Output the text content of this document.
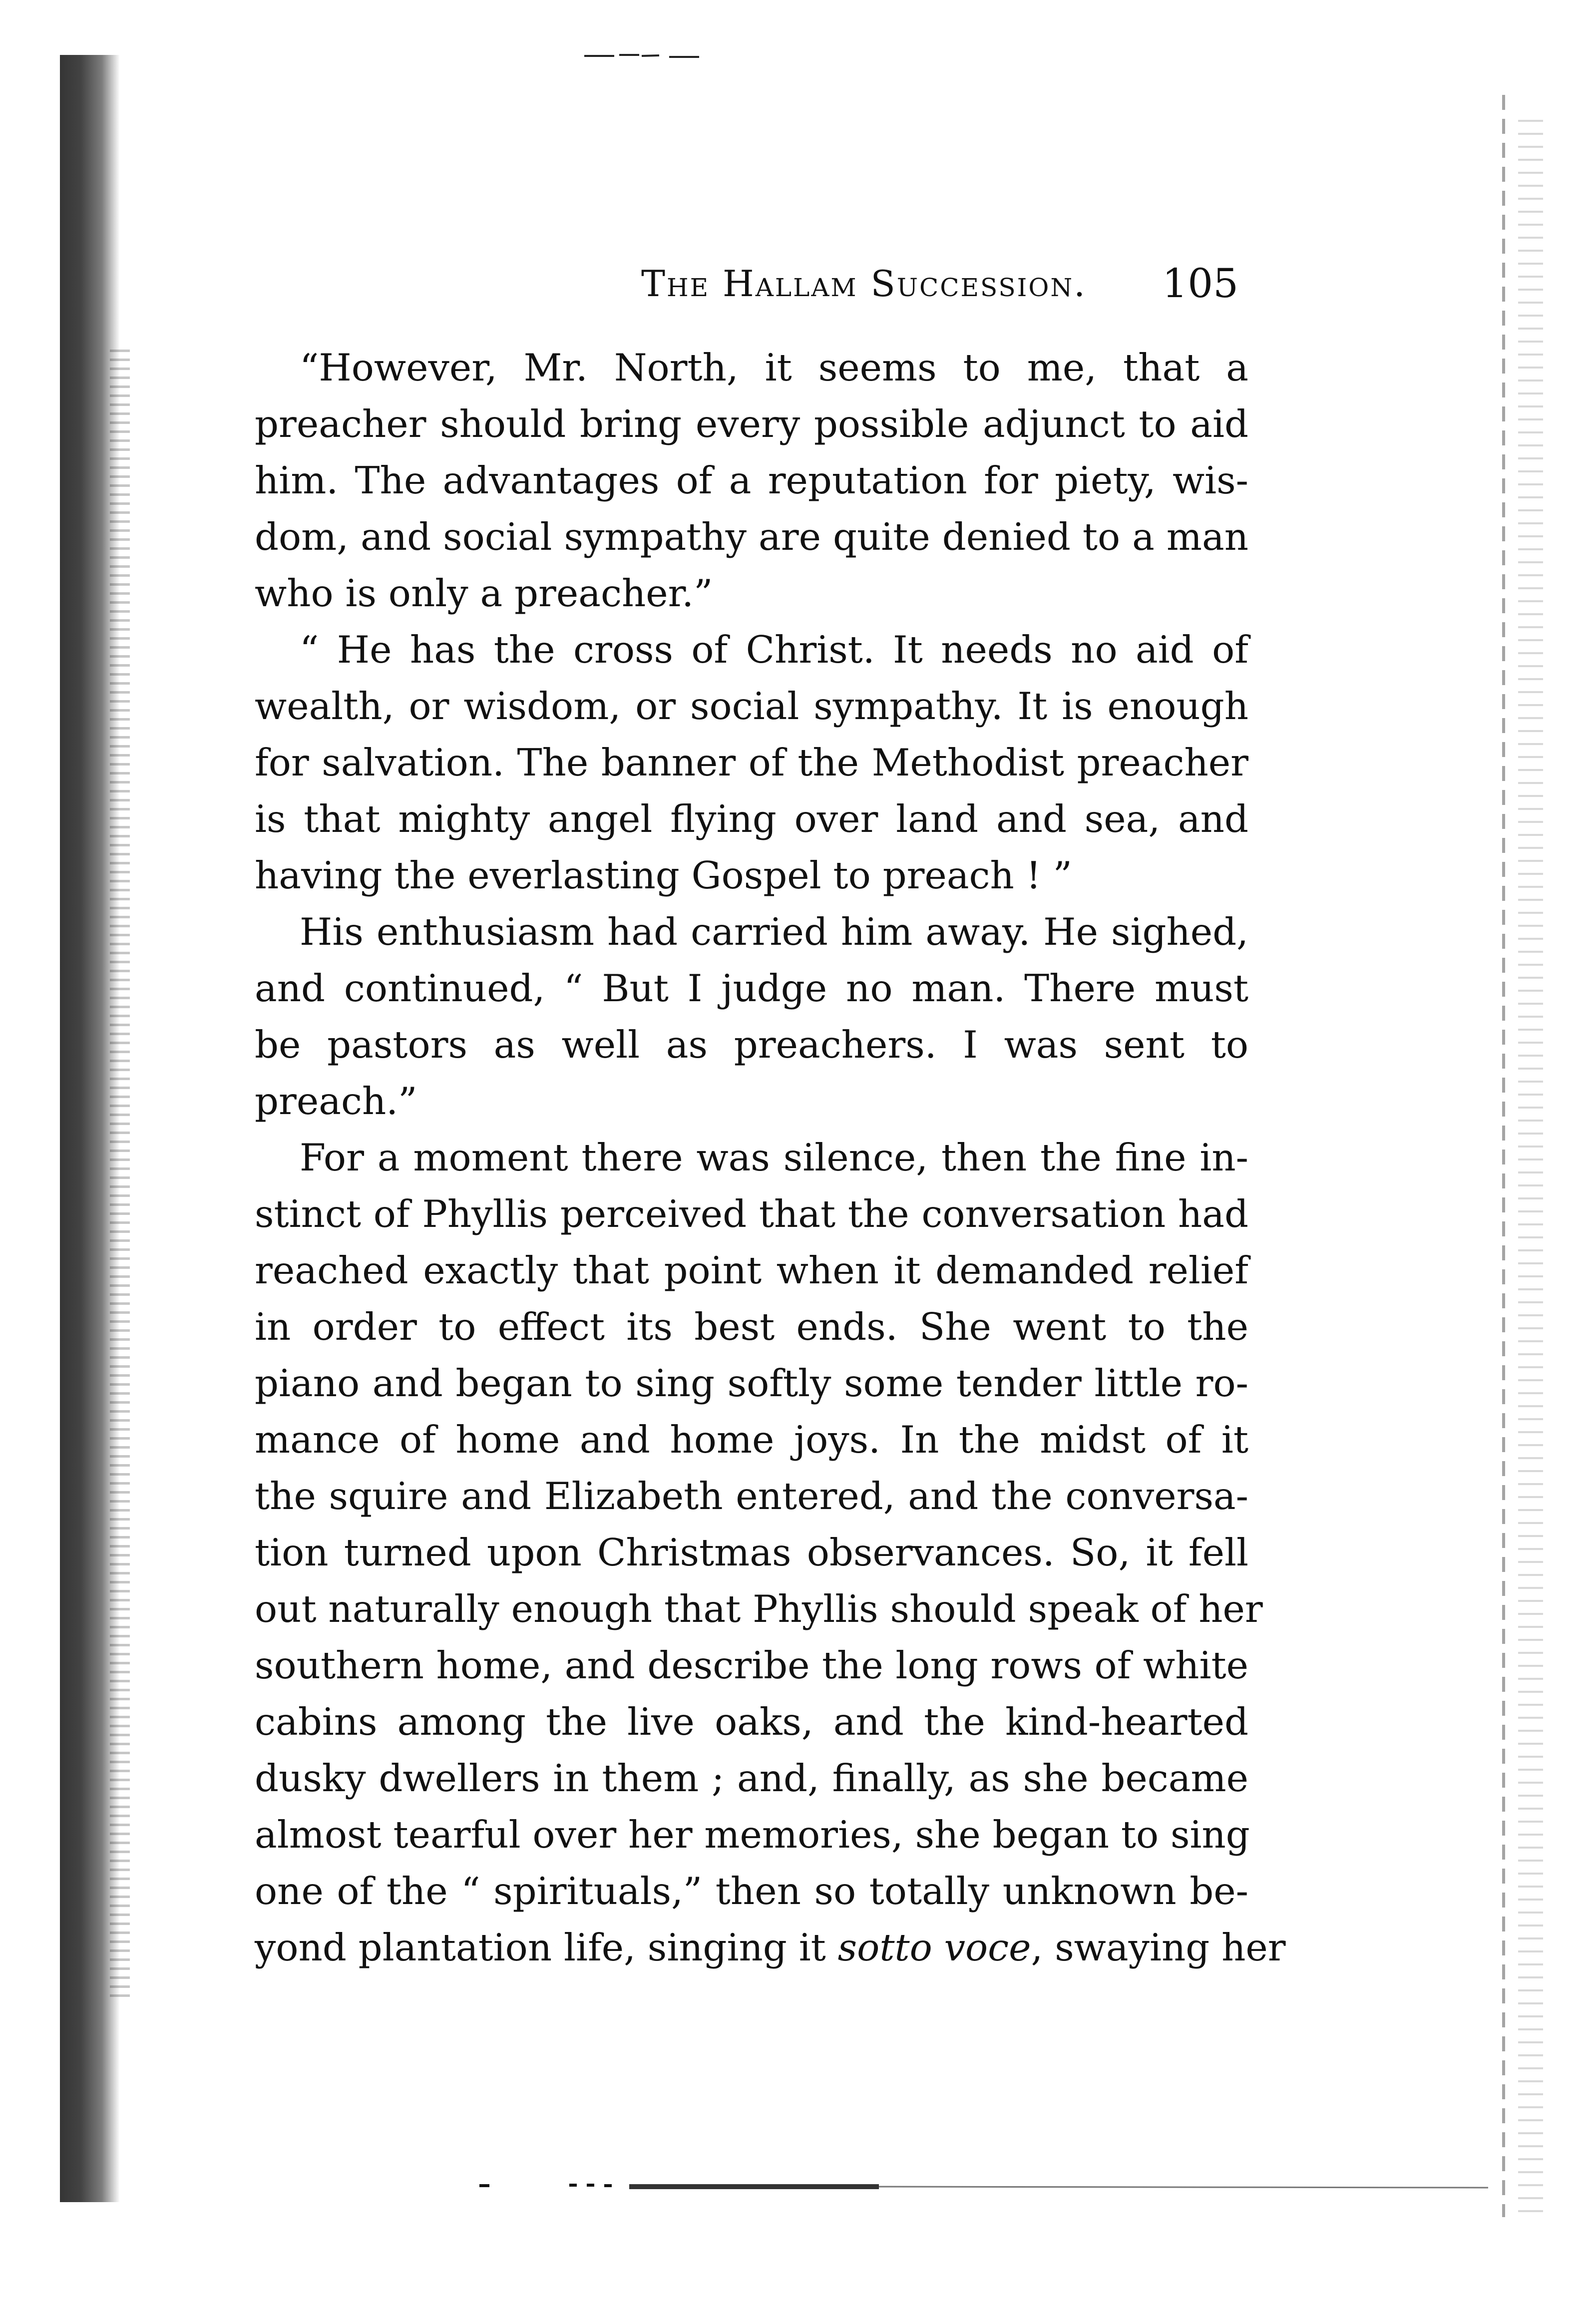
The Hallam Succession.	105
“However, Mr. North, it seems to me, that a
preacher should bring every possible adjunct to aid
him. The advantages of a reputation for piety, wis-
dom, and social sympathy are quite denied to a man
who is only a preacher.”
“ He has the cross of Christ. It needs no aid of
wealth, or wisdom, or social sympathy. It is enough
for salvation. The banner of the Methodist preacher
is that mighty angel flying over land and sea, and
having the everlasting Gospel to preach ! ”
His enthusiasm had carried him away. He sighed,
and continued, “ But I judge no man. There must
be pastors as well as preachers. I was sent to
preach.”
For a moment there was silence, then the fine in-
stinct of Phyllis perceived that the conversation had
reached exactly that point when it demanded relief
in order to effect its best ends. She went to the
piano and began to sing softly some tender little ro-
mance of home and home joys. In the midst of it
the squire and Elizabeth entered, and the conversa-
tion turned upon Christmas observances. So, it fell
out naturally enough that Phyllis should speak of her
southern home, and describe the long rows of white
cabins among the live oaks, and the kind-hearted
dusky dwellers in them ; and, finally, as she became
almost tearful over her memories, she began to sing
one of the “ spirituals,” then so totally unknown be-
yond plantation life, singing it sotto voce, swaying her
